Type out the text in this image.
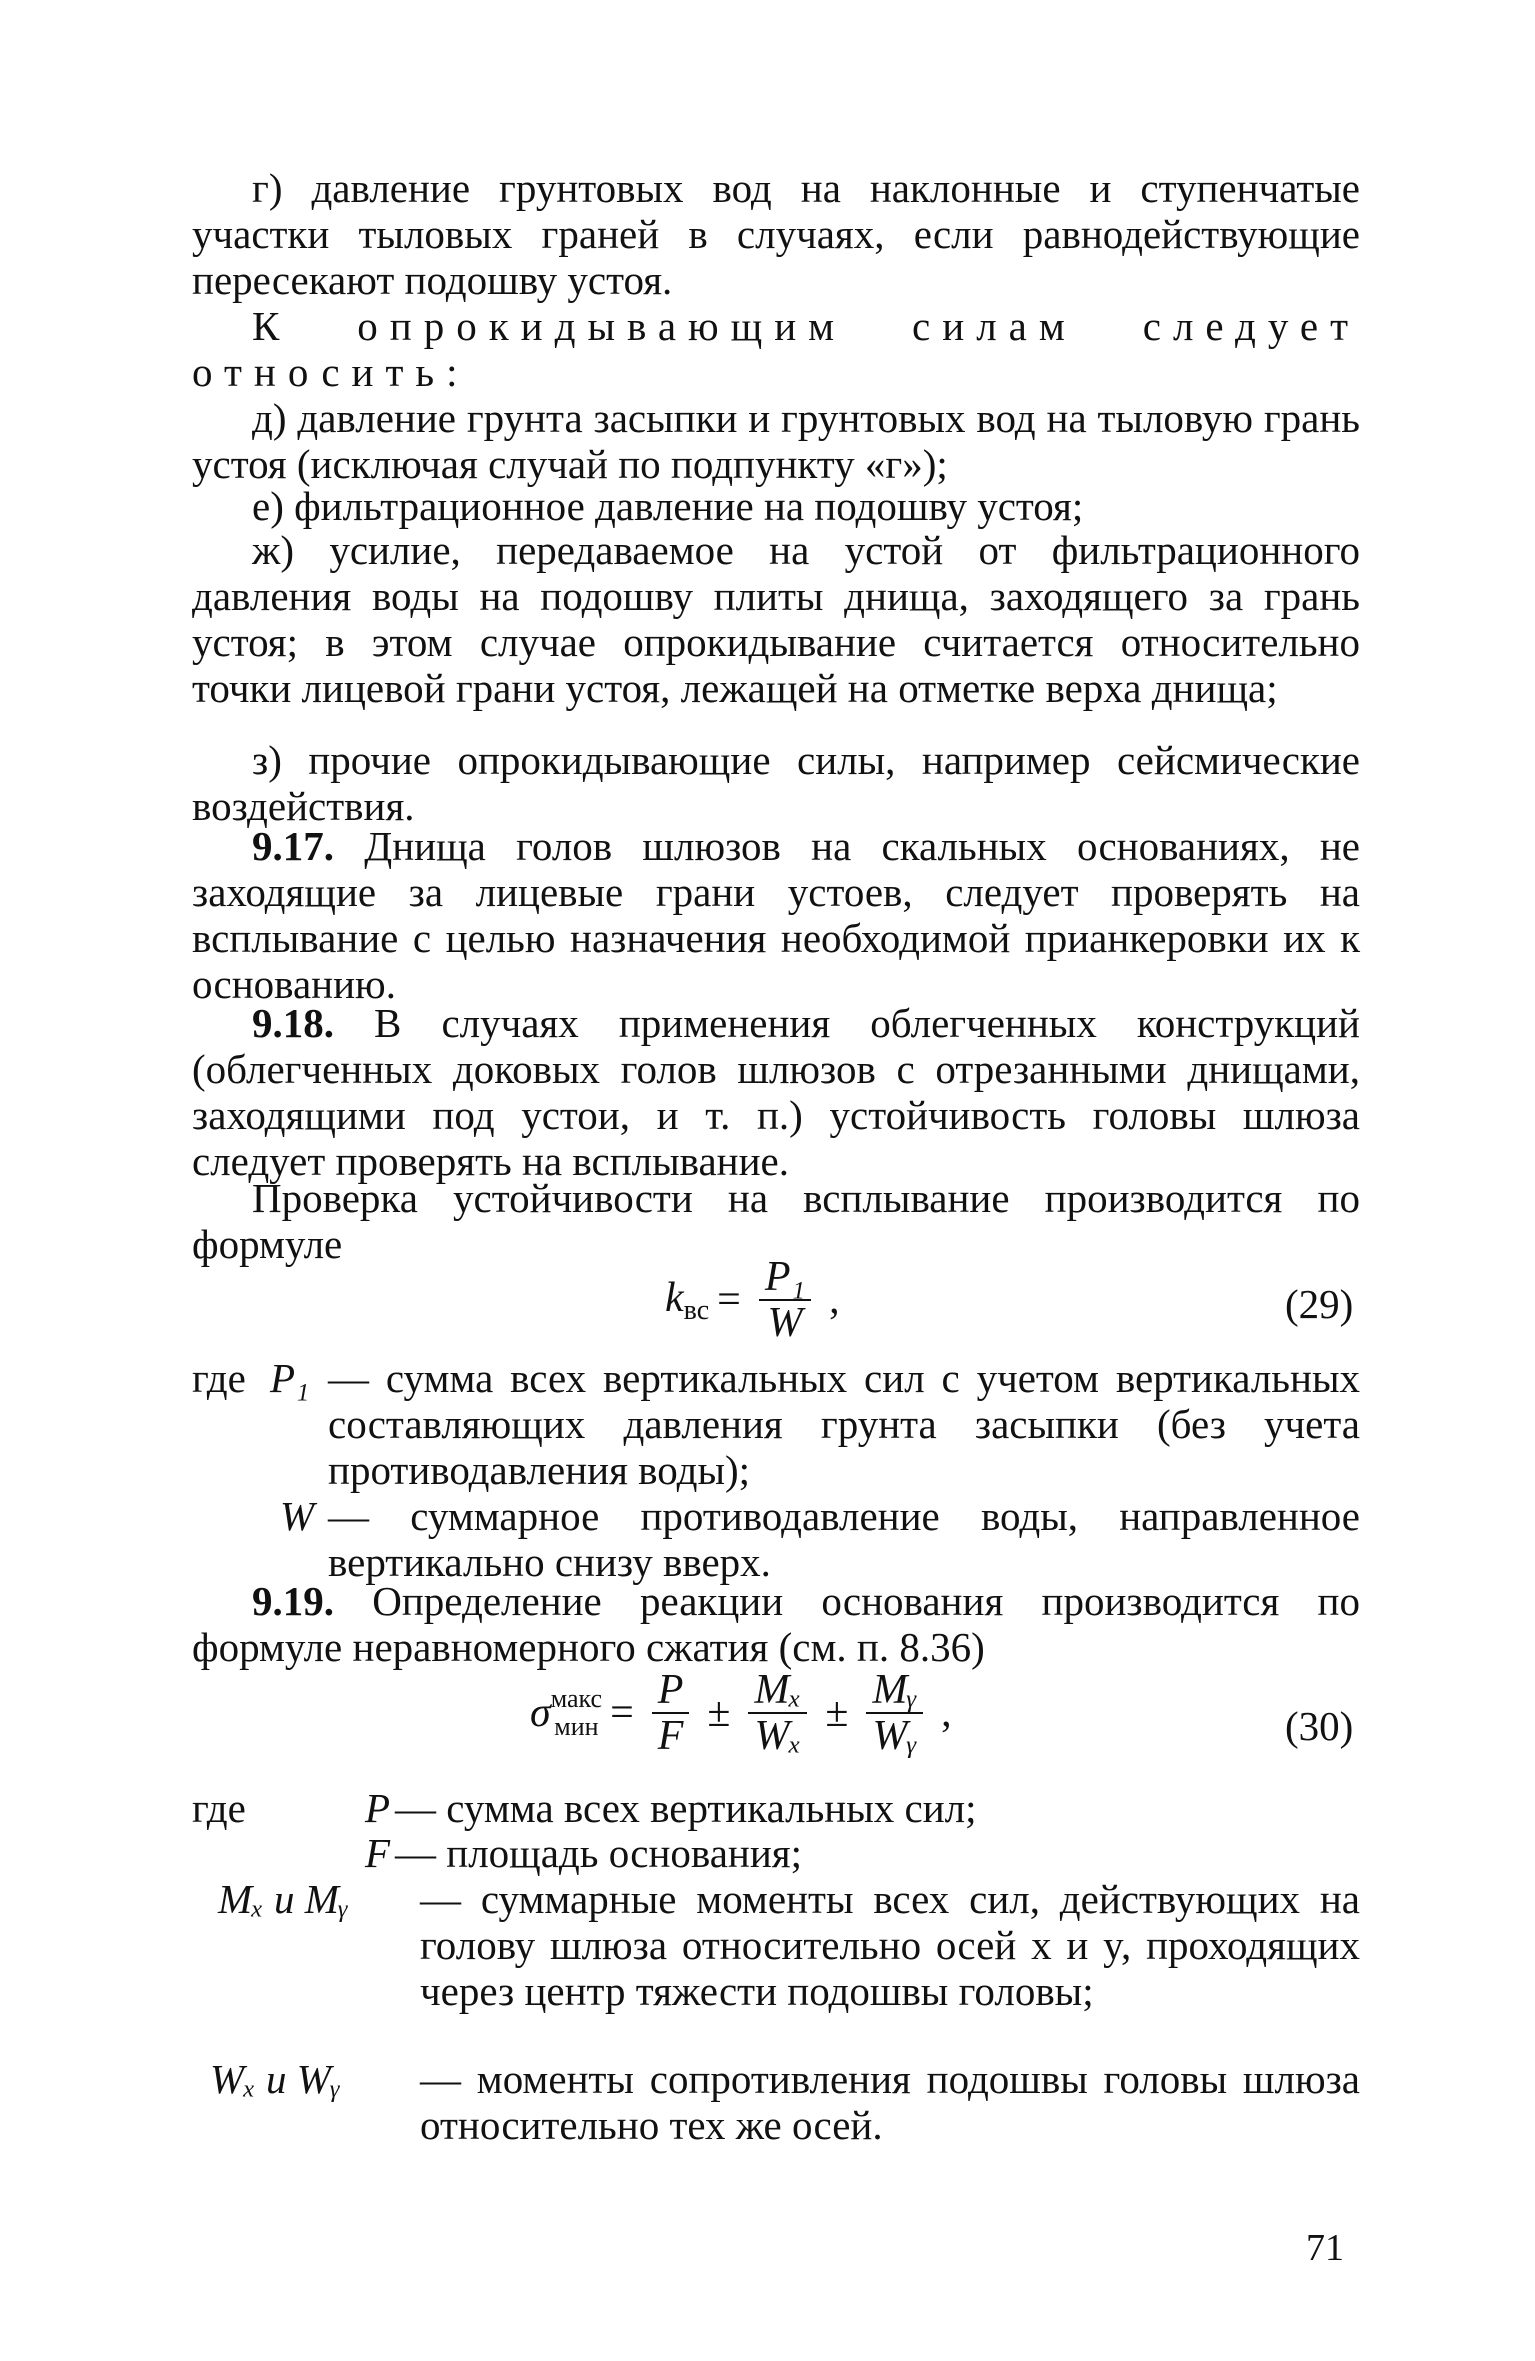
г) давление грунтовых вод на наклонные и ступенчатые участки тыловых граней в случаях, если равнодействующие пересекают подошву устоя.

К опрокидывающим силам следует относить:

д) давление грунта засыпки и грунтовых вод на тыловую грань устоя (исключая случай по подпункту «г»);

е) фильтрационное давление на подошву устоя;

ж) усилие, передаваемое на устой от фильтрационного давления воды на подошву плиты днища, заходящего за грань устоя; в этом случае опрокидывание считается относительно точки лицевой грани устоя, лежащей на отметке верха днища;

з) прочие опрокидывающие силы, например сейсмические воздействия.

9.17. Днища голов шлюзов на скальных основаниях, не заходящие за лицевые грани устоев, следует проверять на всплывание с целью назначения необходимой прианкеровки их к основанию.

9.18. В случаях применения облегченных конструкций (облегченных доковых голов шлюзов с отрезанными днищами, заходящими под устои, и т. п.) устойчивость головы шлюза следует проверять на всплывание.

Проверка устойчивости на всплывание производится по формуле

$k_{вс} = \frac{\text{P₁}}{W}$ ,	(29)
где P₁ — сумма всех вертикальных сил с учетом вертикальных составляющих давления грунта засыпки (без учета противодавления воды);

W — суммарное противодавление воды, направленное вертикально снизу вверх.

9.19. Определение реакции основания производится по формуле неравномерного сжатия (см. п. 8.36)

σ макс
мин = $\frac{P}{F} \pm \frac{\text{Mₓ}}{\text{Wₓ}} \pm \frac{\text{Mᵧ}}{\text{Wᵧ}}$ ,	(30)
где	P — сумма всех вертикальных сил;

F — площадь основания;

Mₓ и Mᵧ — суммарные моменты всех сил, действующих на голову шлюза относительно осей x и y, проходящих через центр тяжести подошвы головы;

Wₓ и Wᵧ — моменты сопротивления подошвы головы шлюза относительно тех же осей.

71
